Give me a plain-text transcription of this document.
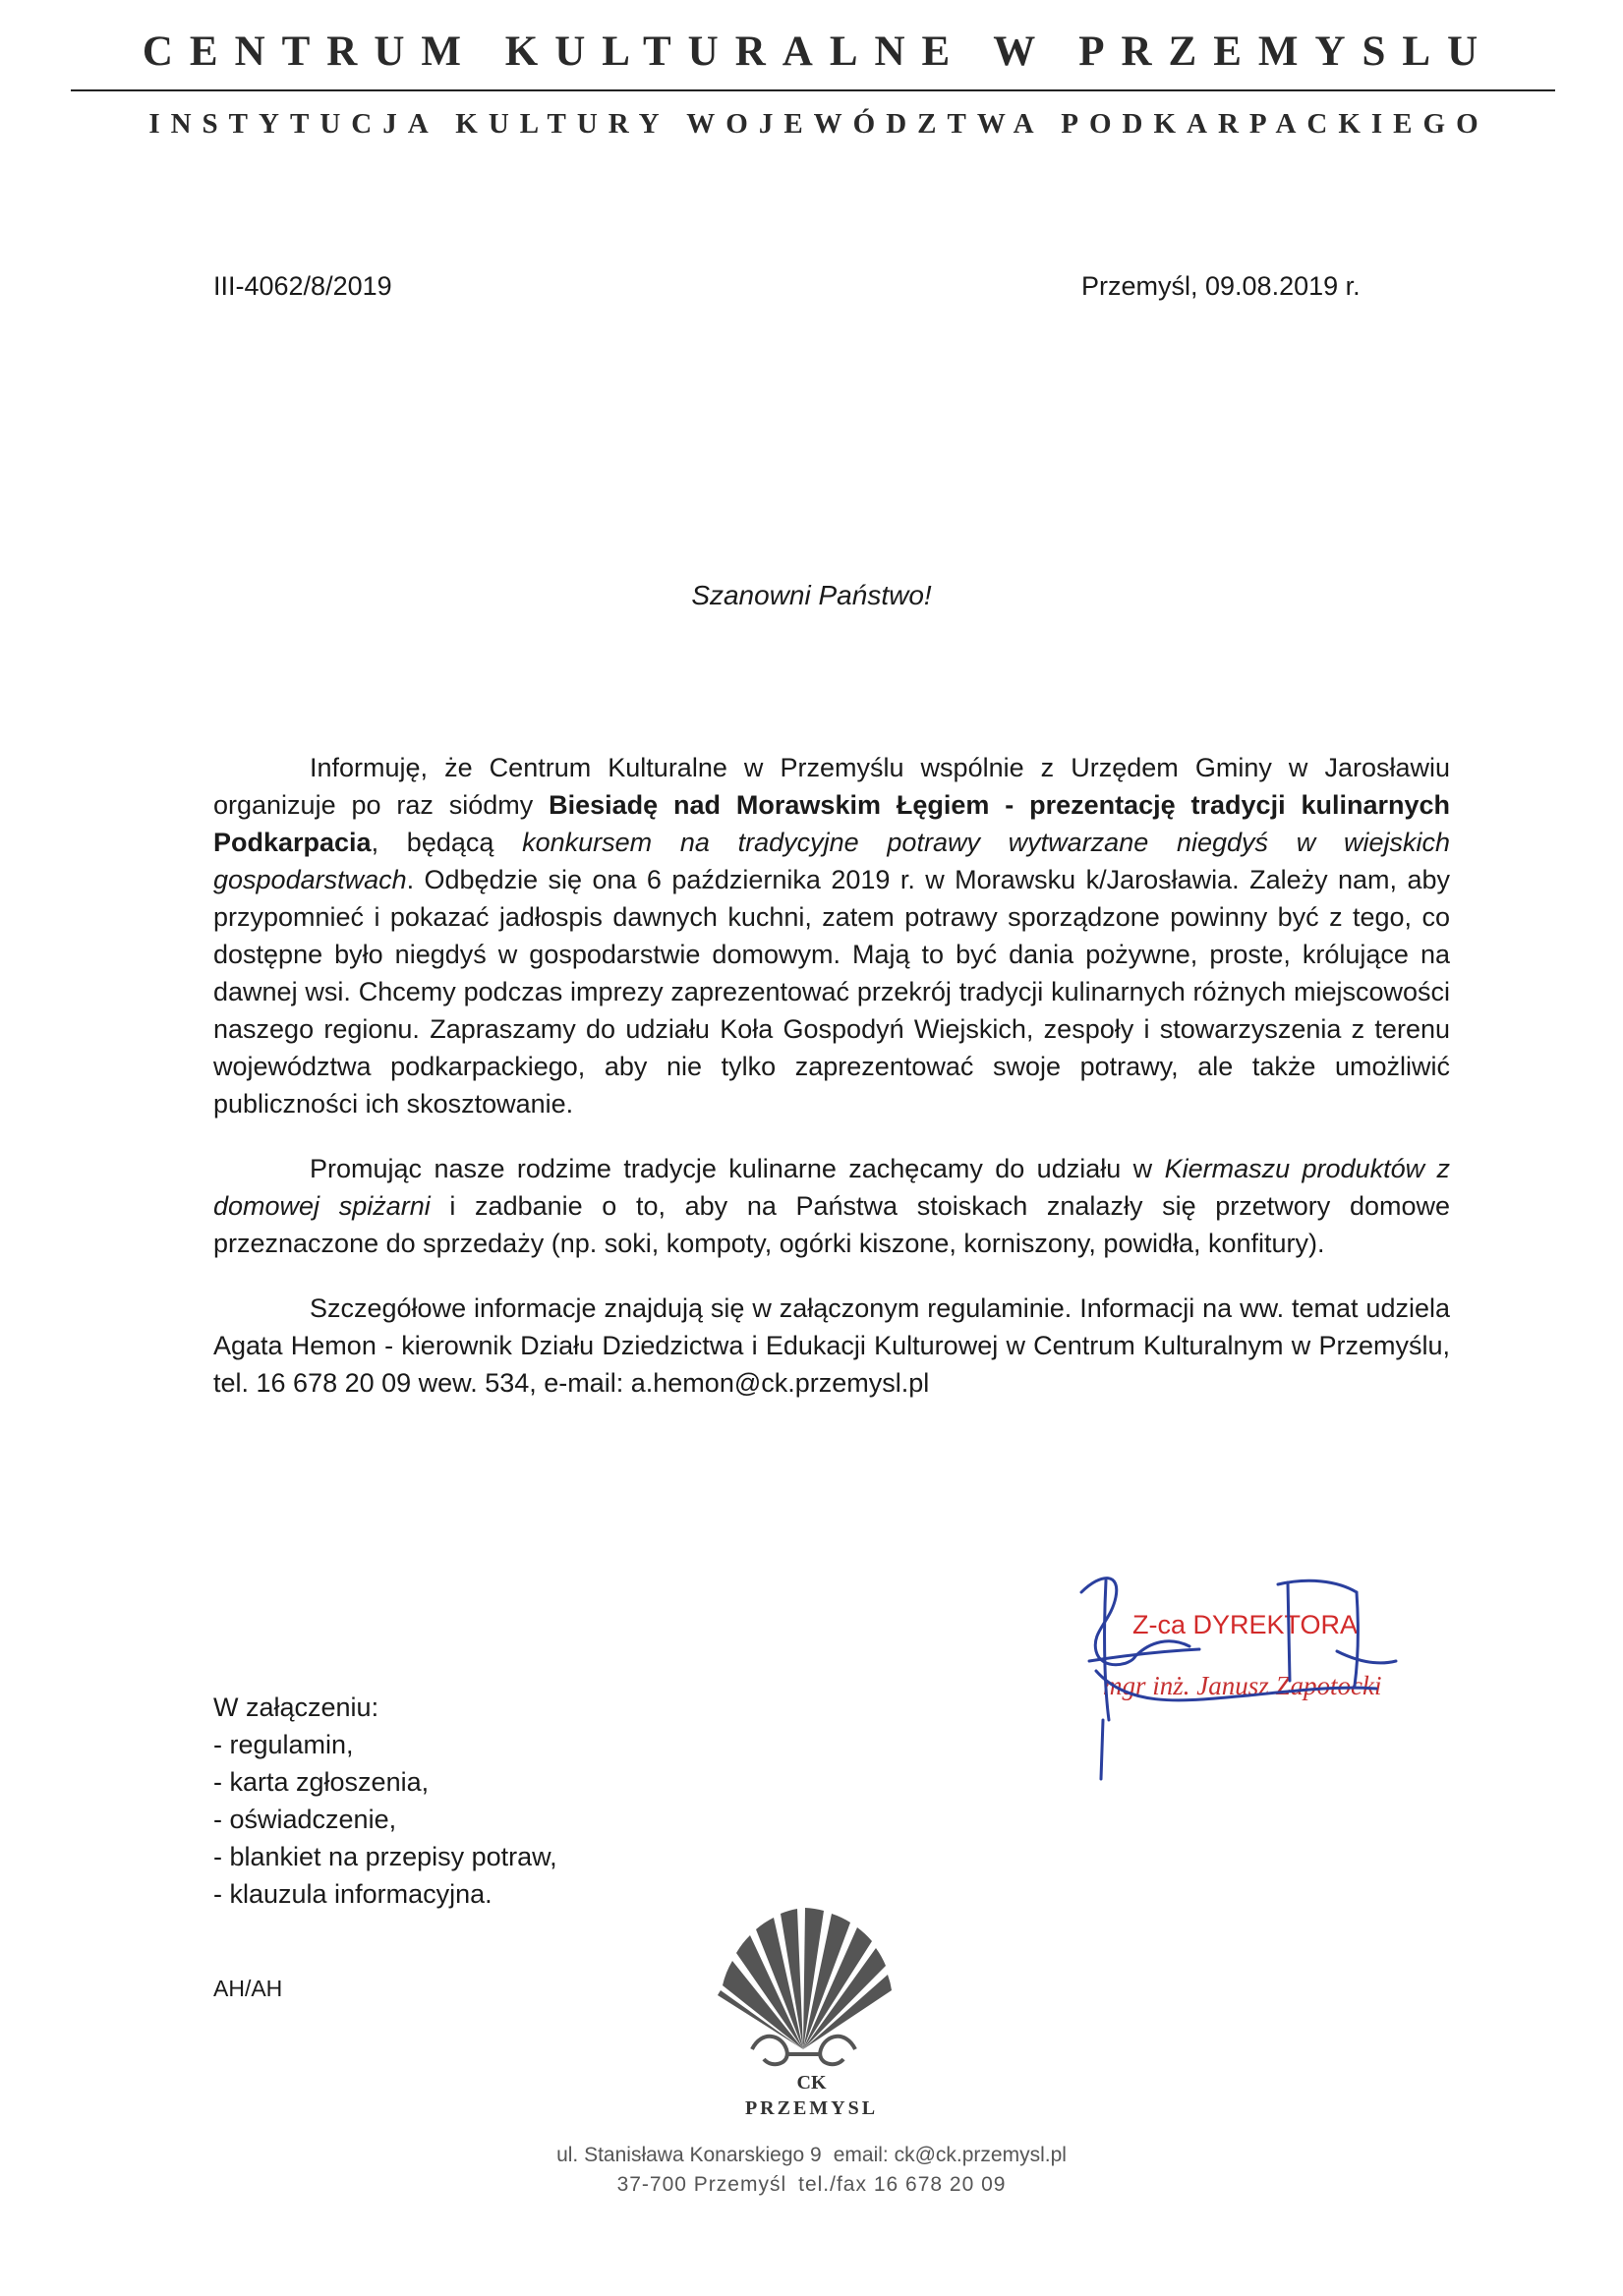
CENTRUM KULTURALNE W PRZEMYSLU
INSTYTUCJA KULTURY WOJEWÓDZTWA PODKARPACKIEGO
III-4062/8/2019	Przemyśl, 09.08.2019 r.
Szanowni Państwo!

Informuję, że Centrum Kulturalne w Przemyślu wspólnie z Urzędem Gminy w Jarosławiu organizuje po raz siódmy Biesiadę nad Morawskim Łęgiem - prezentację tradycji kulinarnych Podkarpacia, będącą konkursem na tradycyjne potrawy wytwarzane niegdyś w wiejskich gospodarstwach. Odbędzie się ona 6 października 2019 r. w Morawsku k/Jarosławia. Zależy nam, aby przypomnieć i pokazać jadłospis dawnych kuchni, zatem potrawy sporządzone powinny być z tego, co dostępne było niegdyś w gospodarstwie domowym. Mają to być dania pożywne, proste, królujące na dawnej wsi. Chcemy podczas imprezy zaprezentować przekrój tradycji kulinarnych różnych miejscowości naszego regionu. Zapraszamy do udziału Koła Gospodyń Wiejskich, zespoły i stowarzyszenia z terenu województwa podkarpackiego, aby nie tylko zaprezentować swoje potrawy, ale także umożliwić publiczności ich skosztowanie.

Promując nasze rodzime tradycje kulinarne zachęcamy do udziału w Kiermaszu produktów z domowej spiżarni i zadbanie o to, aby na Państwa stoiskach znalazły się przetwory domowe przeznaczone do sprzedaży (np. soki, kompoty, ogórki kiszone, korniszony, powidła, konfitury).

Szczegółowe informacje znajdują się w załączonym regulaminie. Informacji na ww. temat udziela Agata Hemon - kierownik Działu Dziedzictwa i Edukacji Kulturowej w Centrum Kulturalnym w Przemyślu, tel. 16 678 20 09 wew. 534, e-mail: a.hemon@ck.przemysl.pl

W załączeniu:
- regulamin,
- karta zgłoszenia,
- oświadczenie,
- blankiet na przepisy potraw,
- klauzula informacyjna.
AH/AH
Z-ca DYREKTORA
mgr inż. Janusz Zapotocki
CK
PRZEMYSL
ul. Stanisława Konarskiego 9 email: ck@ck.przemysl.pl
37-700 Przemyśl tel./fax 16 678 20 09
